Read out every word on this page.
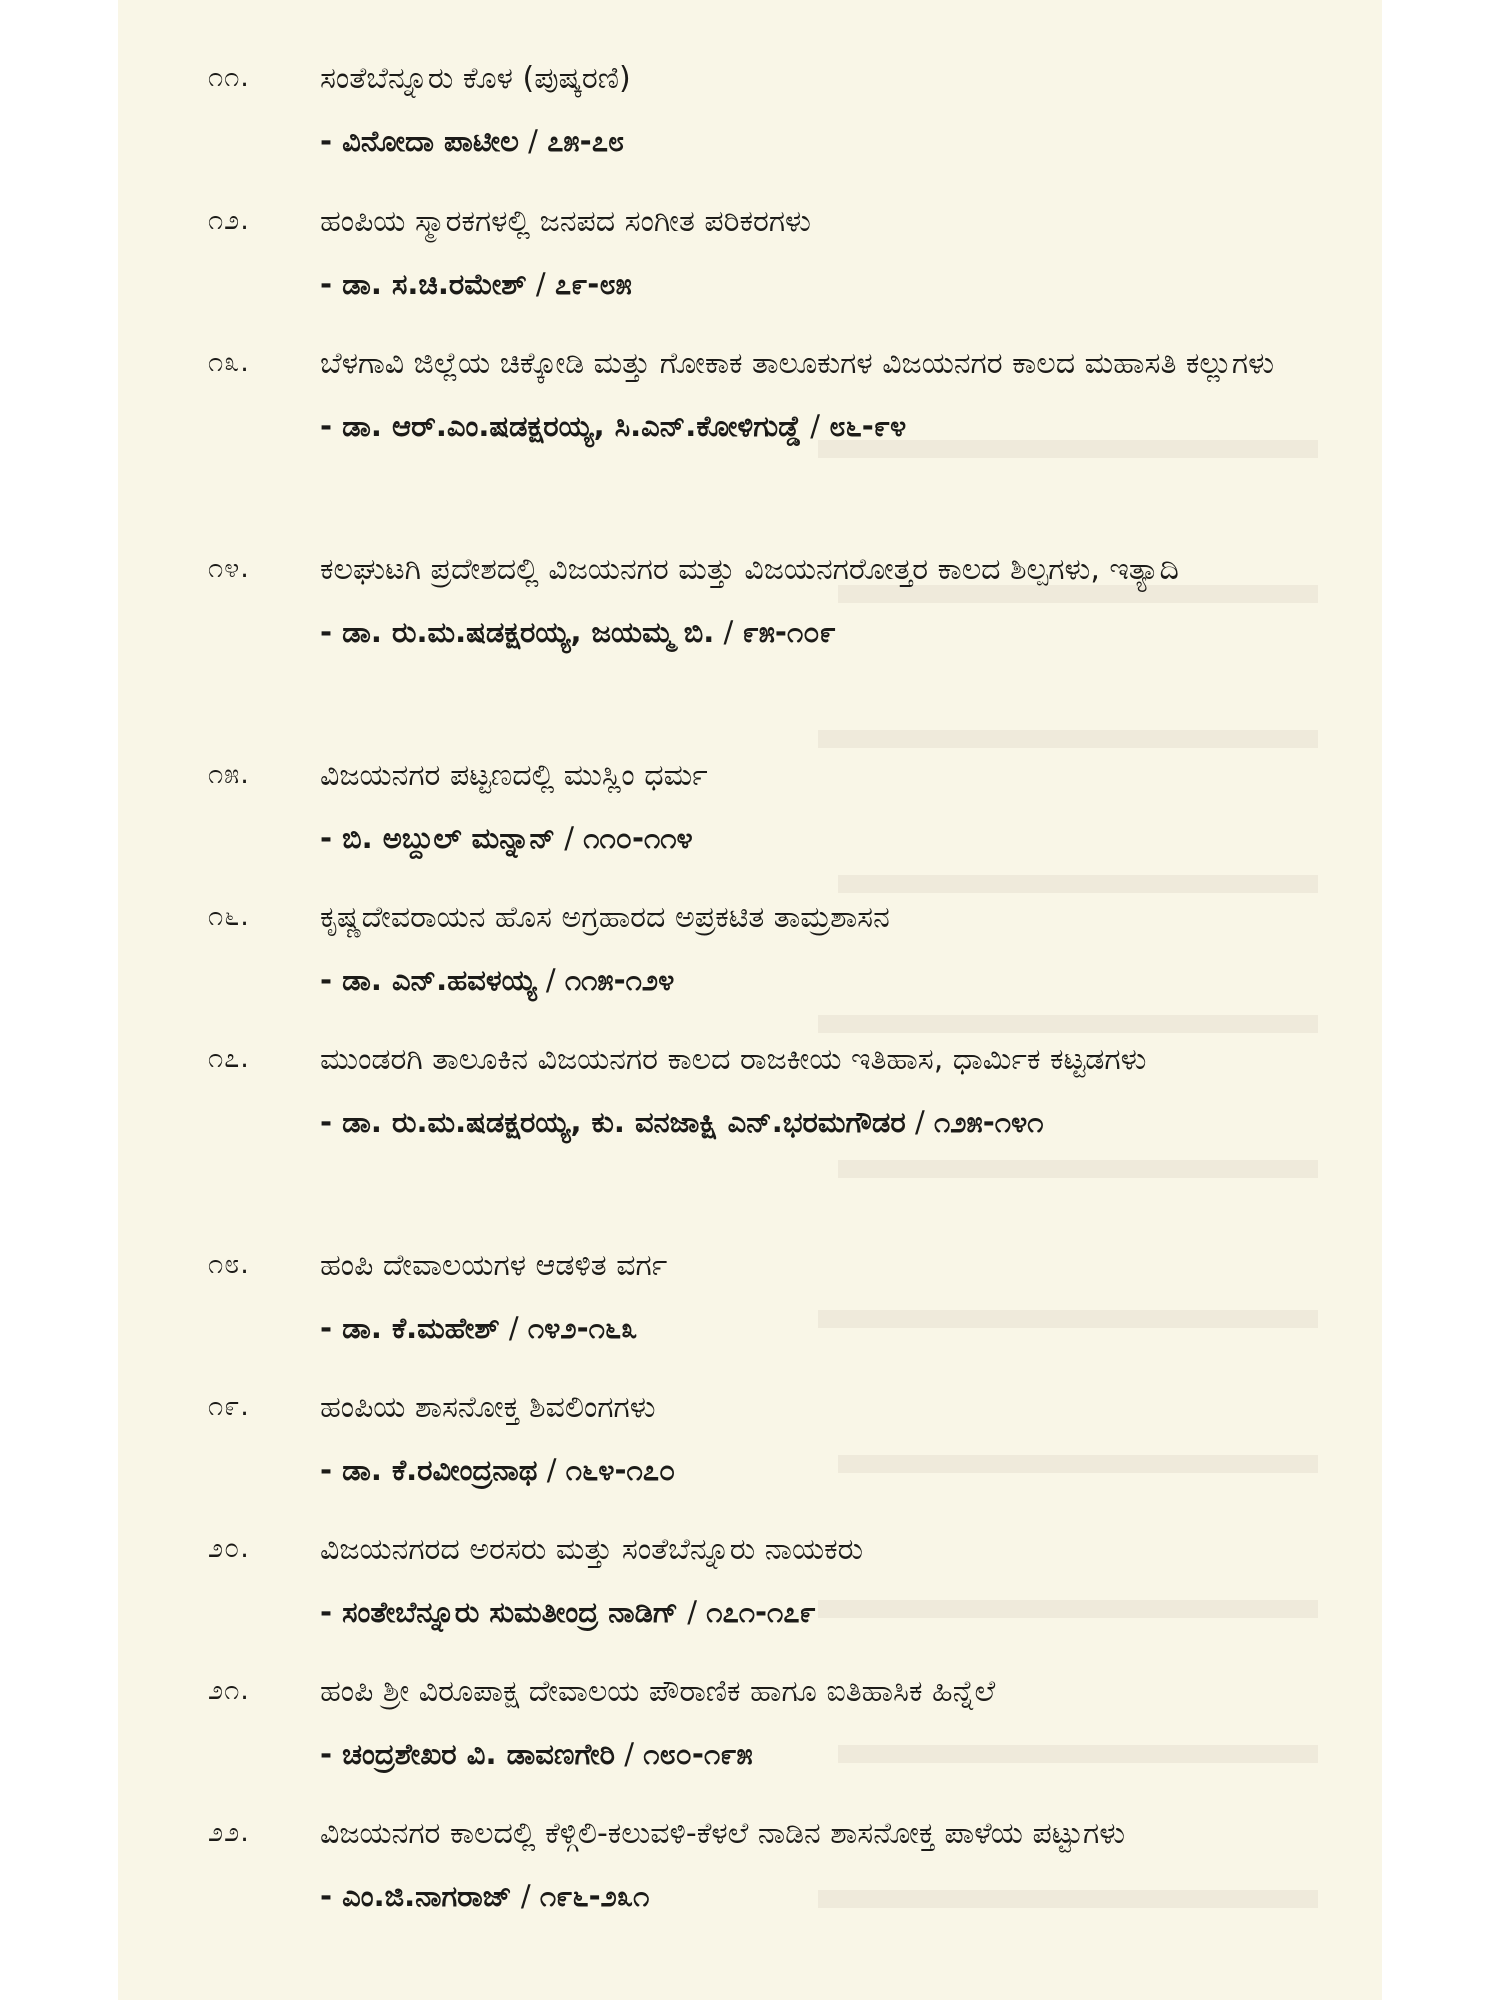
೧೧. ಸಂತೆಬೆನ್ನೂರು ಕೊಳ (ಪುಷ್ಕರಣಿ)
- ವಿನೋದಾ ಪಾಟೀಲ / ೭೫-೭೮
೧೨. ಹಂಪಿಯ ಸ್ಮಾರಕಗಳಲ್ಲಿ ಜನಪದ ಸಂಗೀತ ಪರಿಕರಗಳು
- ಡಾ. ಸ.ಚಿ.ರಮೇಶ್ / ೭೯-೮೫
೧೩. ಬೆಳಗಾವಿ ಜಿಲ್ಲೆಯ ಚಿಕ್ಕೋಡಿ ಮತ್ತು ಗೋಕಾಕ ತಾಲೂಕುಗಳ ವಿಜಯನಗರ ಕಾಲದ ಮಹಾಸತಿ ಕಲ್ಲುಗಳು
- ಡಾ. ಆರ್.ಎಂ.ಷಡಕ್ಷರಯ್ಯ, ಸಿ.ಎನ್.ಕೋಳಿಗುಡ್ಡೆ / ೮೬-೯೪
೧೪. ಕಲಘುಟಗಿ ಪ್ರದೇಶದಲ್ಲಿ ವಿಜಯನಗರ ಮತ್ತು ವಿಜಯನಗರೋತ್ತರ ಕಾಲದ ಶಿಲ್ಪಗಳು, ಇತ್ಯಾದಿ
- ಡಾ. ರು.ಮ.ಷಡಕ್ಷರಯ್ಯ, ಜಯಮ್ಮ ಬಿ. / ೯೫-೧೦೯
೧೫. ವಿಜಯನಗರ ಪಟ್ಟಣದಲ್ಲಿ ಮುಸ್ಲಿಂ ಧರ್ಮ
- ಬಿ. ಅಬ್ದುಲ್ ಮನ್ನಾನ್ / ೧೧೦-೧೧೪
೧೬. ಕೃಷ್ಣದೇವರಾಯನ ಹೊಸ ಅಗ್ರಹಾರದ ಅಪ್ರಕಟಿತ ತಾಮ್ರಶಾಸನ
- ಡಾ. ಎನ್.ಹವಳಯ್ಯ / ೧೧೫-೧೨೪
೧೭. ಮುಂಡರಗಿ ತಾಲೂಕಿನ ವಿಜಯನಗರ ಕಾಲದ ರಾಜಕೀಯ ಇತಿಹಾಸ, ಧಾರ್ಮಿಕ ಕಟ್ಟಡಗಳು
- ಡಾ. ರು.ಮ.ಷಡಕ್ಷರಯ್ಯ, ಕು. ವನಜಾಕ್ಷಿ ಎನ್.ಭರಮಗೌಡರ / ೧೨೫-೧೪೧
೧೮. ಹಂಪಿ ದೇವಾಲಯಗಳ ಆಡಳಿತ ವರ್ಗ
- ಡಾ. ಕೆ.ಮಹೇಶ್ / ೧೪೨-೧೬೩
೧೯. ಹಂಪಿಯ ಶಾಸನೋಕ್ತ ಶಿವಲಿಂಗಗಳು
- ಡಾ. ಕೆ.ರವೀಂದ್ರನಾಥ / ೧೬೪-೧೭೦
೨೦. ವಿಜಯನಗರದ ಅರಸರು ಮತ್ತು ಸಂತೆಬೆನ್ನೂರು ನಾಯಕರು
- ಸಂತೇಬೆನ್ನೂರು ಸುಮತೀಂದ್ರ ನಾಡಿಗ್ / ೧೭೧-೧೭೯
೨೧. ಹಂಪಿ ಶ್ರೀ ವಿರೂಪಾಕ್ಷ ದೇವಾಲಯ ಪೌರಾಣಿಕ ಹಾಗೂ ಐತಿಹಾಸಿಕ ಹಿನ್ನೆಲೆ
- ಚಂದ್ರಶೇಖರ ವಿ. ಡಾವಣಗೇರಿ / ೧೮೦-೧೯೫
೨೨. ವಿಜಯನಗರ ಕಾಲದಲ್ಲಿ ಕೆಳ್ಗಿಲಿ-ಕಲುವಳಿ-ಕೆಳಲೆ ನಾಡಿನ ಶಾಸನೋಕ್ತ ಪಾಳೆಯ ಪಟ್ಟುಗಳು
- ಎಂ.ಜಿ.ನಾಗರಾಜ್ / ೧೯೬-೨೩೧
